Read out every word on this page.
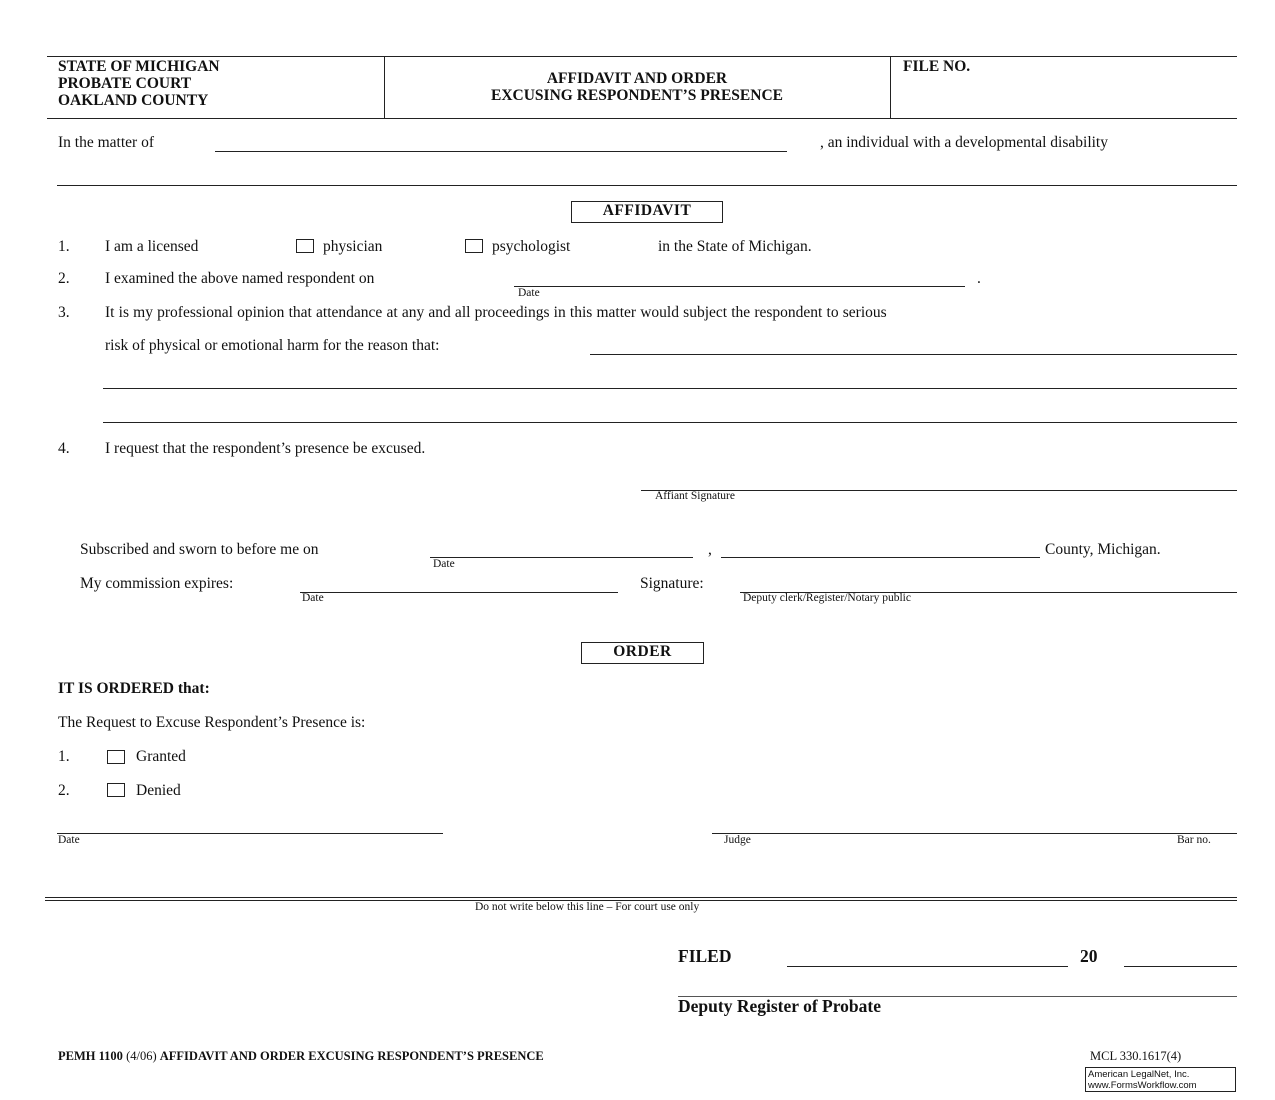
STATE OF MICHIGAN
PROBATE COURT
OAKLAND COUNTY
AFFIDAVIT AND ORDER
EXCUSING RESPONDENT’S PRESENCE
FILE NO.
In the matter of	, an individual with a developmental disability
AFFIDAVIT
1. I am a licensed	physician	psychologist	in the State of Michigan.
2. I examined the above named respondent on	.
Date
3. It is my professional opinion that attendance at any and all proceedings in this matter would subject the respondent to serious
risk of physical or emotional harm for the reason that:
4. I request that the respondent’s presence be excused.
Affiant Signature
Subscribed and sworn to before me on
Date
,	County, Michigan.
My commission expires:
Date
Signature:
Deputy clerk/Register/Notary public
ORDER
IT IS ORDERED that:
The Request to Excuse Respondent’s Presence is:
1.	Granted
2.	Denied
Date	Judge	Bar no.
Do not write below this line – For court use only
FILED	20
Deputy Register of Probate
PEMH 1100 (4/06) AFFIDAVIT AND ORDER EXCUSING RESPONDENT’S PRESENCE	MCL 330.1617(4)
American LegalNet, Inc.
www.FormsWorkflow.com
